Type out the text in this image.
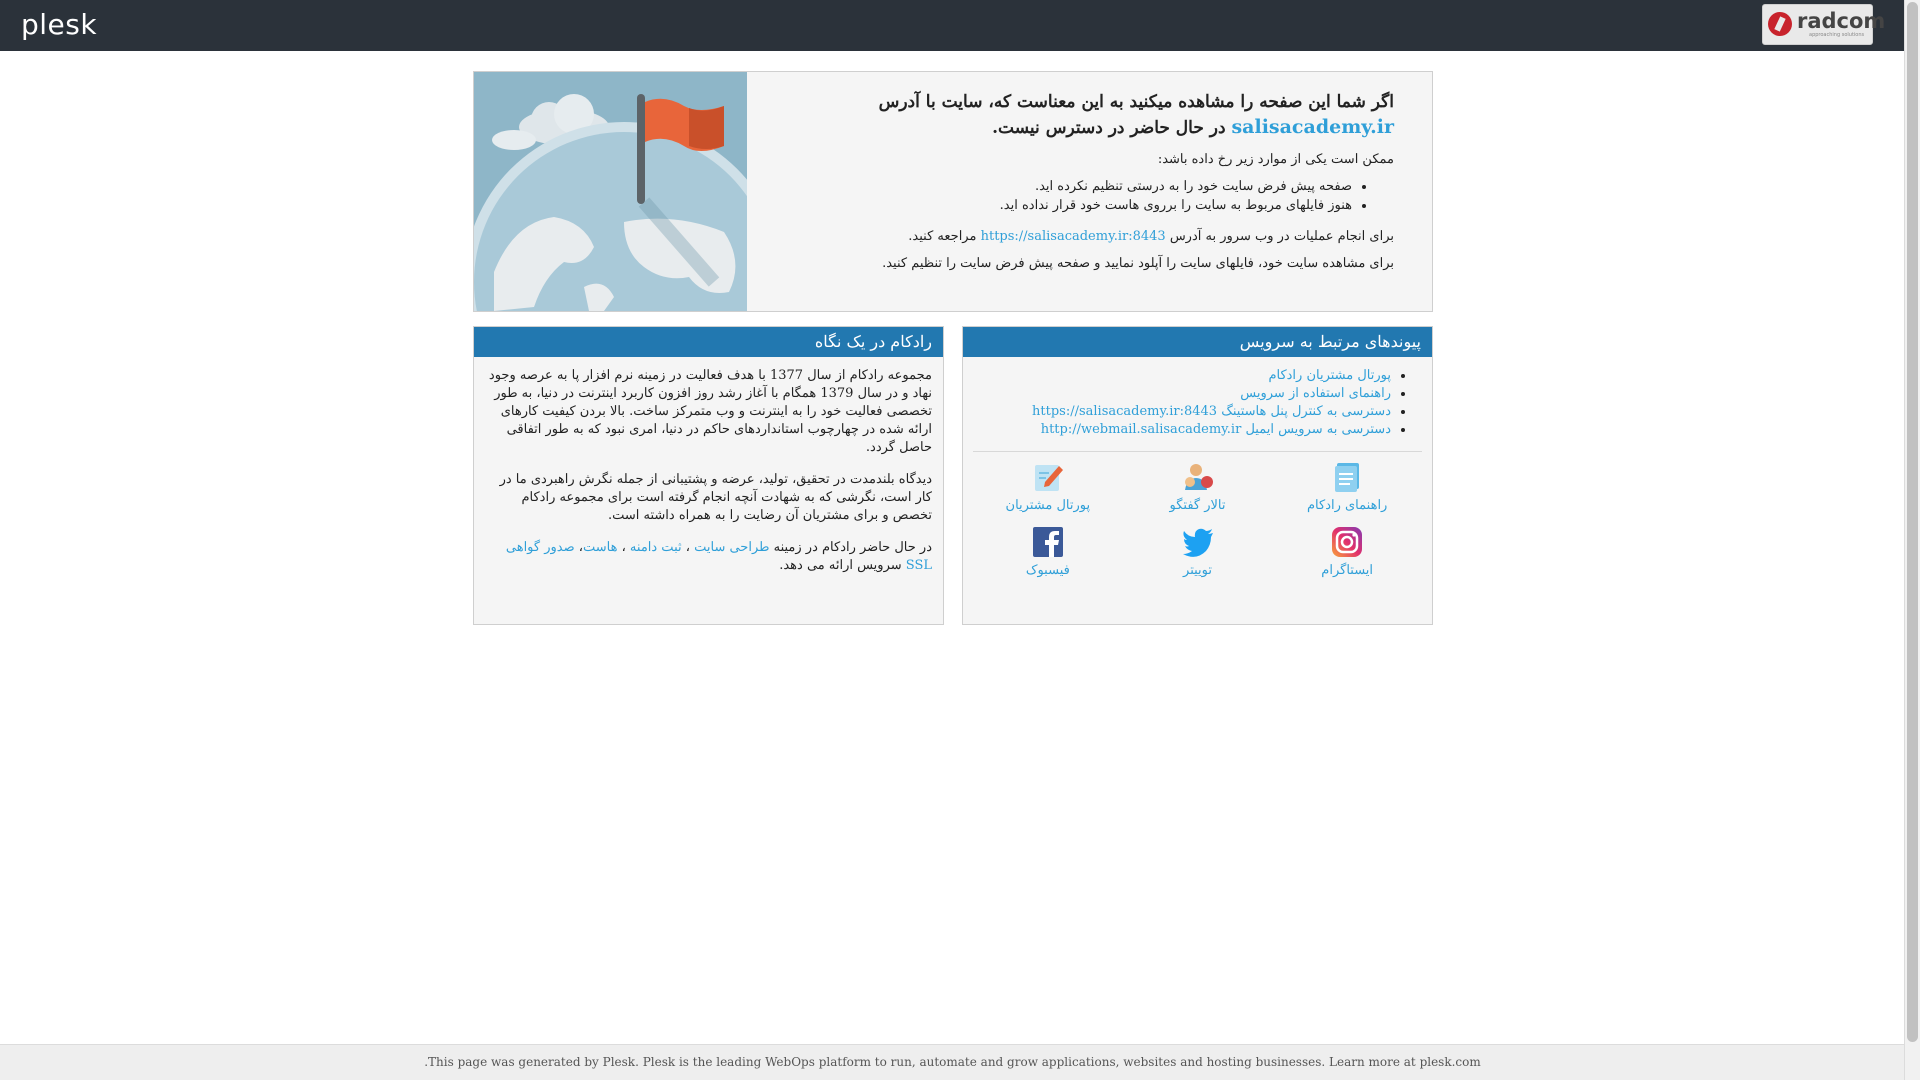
plesk	radcom
approaching solutions
اگر شما این صفحه را مشاهده میکنید به این معناست که، سایت با آدرس salisacademy.ir در حال حاضر در دسترس نیست.

ممکن است یکی از موارد زیر رخ داده باشد:

• صفحه پیش فرض سایت خود را به درستی تنظیم نکرده اید.
• هنوز فایلهای مربوط به سایت را برروی هاست خود قرار نداده اید.

برای انجام عملیات در وب سرور به آدرس https://salisacademy.ir:8443 مراجعه کنید.

برای مشاهده سایت خود، فایلهای سایت را آپلود نمایید و صفحه پیش فرض سایت را تنظیم کنید.

پیوندهای مرتبط به سرویس
• پورتال مشتریان رادکام
• راهنمای استفاده از سرویس
• دسترسی به کنترل پنل هاستینگ https://salisacademy.ir:8443
• دسترسی به سرویس ایمیل http://webmail.salisacademy.ir
راهنمای رادکام
تالار گفتگو
پورتال مشتریان
ایستاگرام
توییتر
فیسبوک
رادکام در یک نگاه

مجموعه رادکام از سال 1377 با هدف فعالیت در زمینه نرم افزار پا به عرصه وجود نهاد و در سال 1379 همگام با آغاز رشد روز افزون کاربرد اینترنت در دنیا، به طور تخصصی فعالیت خود را به اینترنت و وب متمرکز ساخت. بالا بردن کیفیت کارهای ارائه شده در چهارچوب استانداردهای حاکم در دنیا، امری نبود که به طور اتفاقی حاصل گردد.

دیدگاه بلندمدت در تحقیق، تولید، عرضه و پشتیبانی از جمله نگرش راهبردی ما در کار است، نگرشی که به شهادت آنچه انجام گرفته است برای مجموعه رادکام تخصص و برای مشتریان آن رضایت را به همراه داشته است.

در حال حاضر رادکام در زمینه طراحی سایت ، ثبت دامنه ، هاست، صدور گواهی SSL سرویس ارائه می دهد.

This page was generated by Plesk. Plesk is the leading WebOps platform to run, automate and grow applications, websites and hosting businesses. Learn more at plesk.com.
